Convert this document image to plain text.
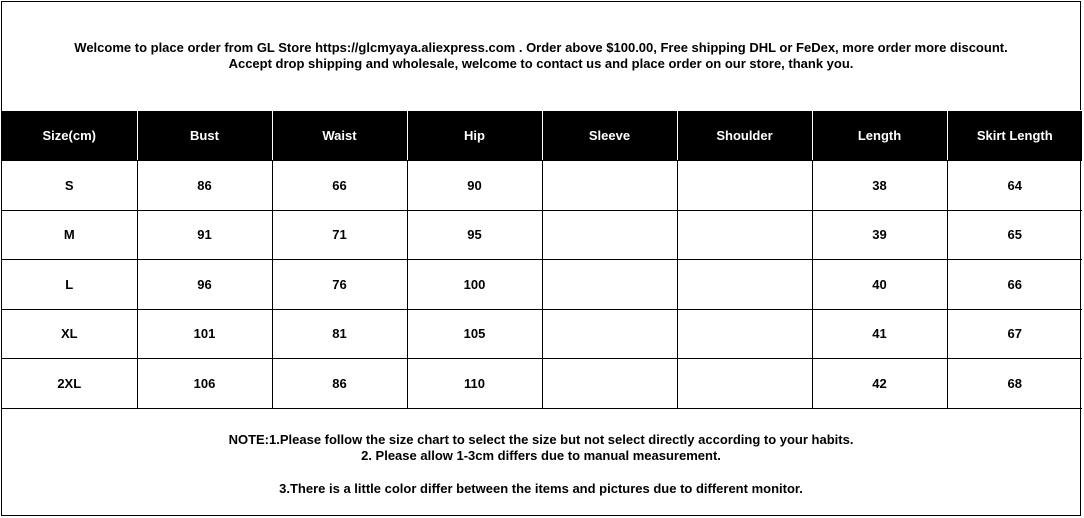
Welcome to place order from GL Store https://glcmyaya.aliexpress.com . Order above $100.00, Free shipping DHL or FeDex, more order more discount.
Accept drop shipping and wholesale, welcome to contact us and place order on our store, thank you.
Size(cm)	Bust	Waist	Hip	Sleeve	Shoulder	Length	Skirt Length
S	86	66	90			38	64
M	91	71	95			39	65
L	96	76	100			40	66
XL	101	81	105			41	67
2XL	106	86	110			42	68
NOTE:1.Please follow the size chart to select the size but not select directly according to your habits.
2. Please allow 1-3cm differs due to manual measurement.
3.There is a little color differ between the items and pictures due to different monitor.
